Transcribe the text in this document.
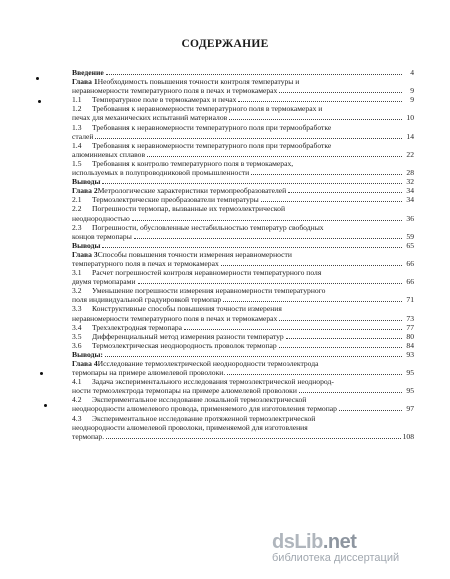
СОДЕРЖАНИЕ
Введение	4
Глава 1 Необходимость повышения точности контроля температуры и
неравномерности температурного поля в печах и термокамерах	9
1.1	Температурное поле в термокамерах и печах	9
1.2	Требования к неравномерности температурного поля в термокамерах и
печах для механических испытаний материалов	10
1.3	Требования к неравномерности температурного поля при термообработке
сталей	14
1.4	Требования к неравномерности температурного поля при термообработке
алюминиевых сплавов	22
1.5	Требования к контролю температурного поля в термокамерах,
используемых в полупроводниковой промышленности	28
Выводы	32
Глава 2 Метрологические характеристики термопреобразователей	34
2.1	Термоэлектрические преобразователи температуры	34
2.2	Погрешности термопар, вызванные их термоэлектрической
неоднородностью	36
2.3	Погрешности, обусловленные нестабильностью температур свободных
концов термопары	59
Выводы	65
Глава 3 Способы повышения точности измерения неравномерности
температурного поля в печах и термокамерах	66
3.1	Расчет погрешностей контроля неравномерности температурного поля
двумя термопарами	66
3.2	Уменьшение погрешности измерения неравномерности температурного
поля индивидуальной градуировкой термопар	71
3.3	Конструктивные способы повышения точности измерения
неравномерности температурного поля в печах и термокамерах	73
3.4	Трехэлектродная термопара	77
3.5	Дифференциальный метод измерения разности температур	80
3.6	Термоэлектрическая неоднородность проволок термопар	84
Выводы:	93
Глава 4 Исследование термоэлектрической неоднородности термоэлектрода
термопары на примере алюмелевой проволоки.	95
4.1	Задача экспериментального исследования термоэлектрической неоднород-
ности термоэлектрода термопары на примере алюмелевой проволоки	95
4.2	Экспериментальное исследование локальной термоэлектрической
неоднородности алюмелевого провода, применяемого для изготовления термопар	97
4.3	Экспериментальное исследование протяженной термоэлектрической
неоднородности алюмелевой проволоки, применяемой для изготовления
термопар.	108
dsLib.net
библиотека диссертаций
